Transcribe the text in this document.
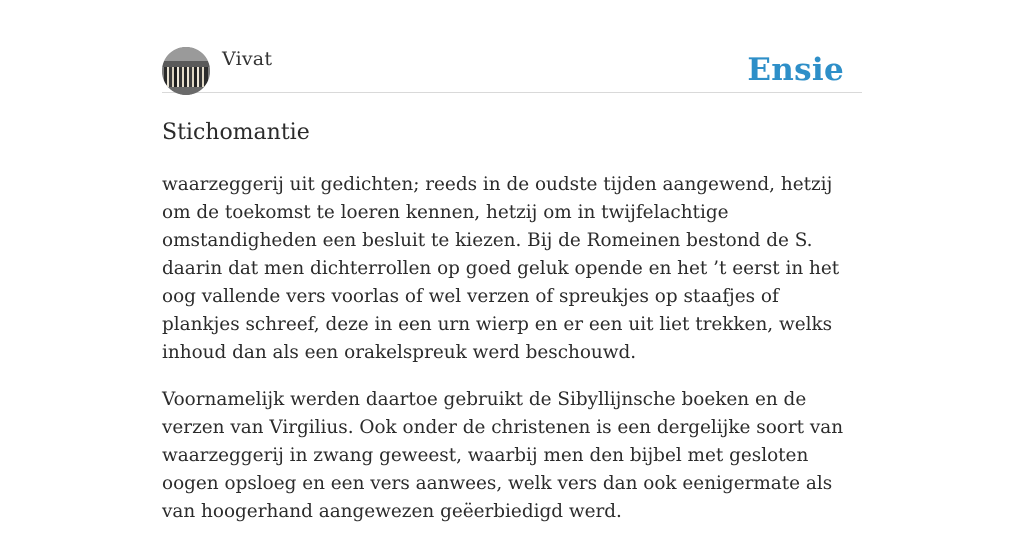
Vivat	Ensie
Stichomantie

waarzeggerij uit gedichten; reeds in de oudste tijden aangewend, hetzij om de toekomst te loeren kennen, hetzij om in twijfelachtige omstandigheden een besluit te kiezen. Bij de Romeinen bestond de S. daarin dat men dichterrollen op goed geluk opende en het ’t eerst in het oog vallende vers voorlas of wel verzen of spreukjes op staafjes of plankjes schreef, deze in een urn wierp en er een uit liet trekken, welks inhoud dan als een orakelspreuk werd beschouwd.

Voornamelijk werden daartoe gebruikt de Sibyllijnsche boeken en de verzen van Virgilius. Ook onder de christenen is een dergelijke soort van waarzeggerij in zwang geweest, waarbij men den bijbel met gesloten oogen opsloeg en een vers aanwees, welk vers dan ook eenigermate als van hoogerhand aangewezen geëerbiedigd werd.
